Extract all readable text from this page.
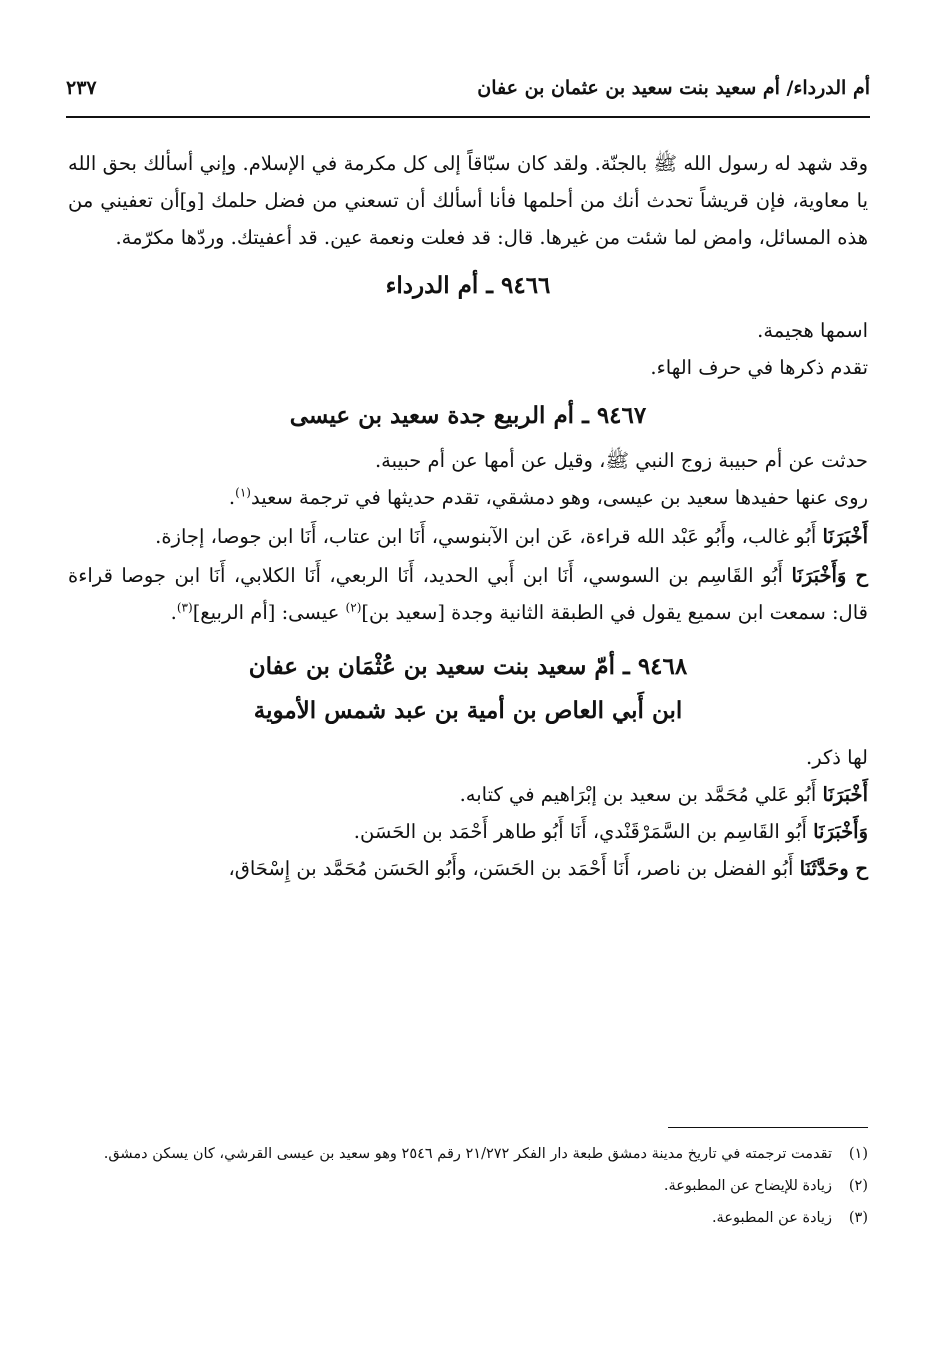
أم الدرداء/ أم سعيد بنت سعيد بن عثمان بن عفان
٢٣٧

وقد شهد له رسول الله ﷺ بالجنّة. ولقد كان سبّاقاً إلى كل مكرمة في الإسلام. وإني أسألك بحق الله يا معاوية، فإن قريشاً تحدث أنك من أحلمها فأنا أسألك أن تسعني من فضل حلمك [و]أن تعفيني من هذه المسائل، وامض لما شئت من غيرها. قال: قد فعلت ونعمة عين. قد أعفيتك. وردّها مكرّمة.

٩٤٦٦ ـ أم الدرداء

اسمها هجيمة.

تقدم ذكرها في حرف الهاء.

٩٤٦٧ ـ أم الربيع جدة سعيد بن عيسى

حدثت عن أم حبيبة زوج النبي ﷺ، وقيل عن أمها عن أم حبيبة.

روى عنها حفيدها سعيد بن عيسى، وهو دمشقي، تقدم حديثها في ترجمة سعيد$^{(١)}$.

أَخْبَرَنَا أَبُو غالب، وأَبُو عَبْد الله قراءة، عَن ابن الآبنوسي، أَنَا ابن عتاب، أَنَا ابن جوصا، إجازة.

ح وَأَخْبَرَنَا أَبُو القَاسِم بن السوسي، أَنَا ابن أَبي الحديد، أَنَا الربعي، أَنَا الكلابي، أَنَا ابن جوصا قراءة قال: سمعت ابن سميع يقول في الطبقة الثانية وجدة [سعيد بن]$^{(٢)}$ عيسى: [أم الربيع]$^{(٣)}$.

٩٤٦٨ ـ أمّ سعيد بنت سعيد بن عُثْمَان بن عفان
ابن أَبي العاص بن أمية بن عبد شمس الأموية

لها ذكر.

أَخْبَرَنَا أَبُو عَلي مُحَمَّد بن سعيد بن إبْرَاهيم في كتابه.

وَأَخْبَرَنَا أَبُو القَاسِم بن السَّمَرْقَنْدي، أَنَا أَبُو طاهر أَحْمَد بن الحَسَن.

ح وحَدَّثَنَا أَبُو الفضل بن ناصر، أَنَا أَحْمَد بن الحَسَن، وأَبُو الحَسَن مُحَمَّد بن إِسْحَاق،

(١)
تقدمت ترجمته في تاريخ مدينة دمشق طبعة دار الفكر ٢١/٢٧٢ رقم ٢٥٤٦ وهو سعيد بن عيسى القرشي، كان يسكن دمشق.
(٢)
زيادة للإيضاح عن المطبوعة.
(٣)
زيادة عن المطبوعة.
